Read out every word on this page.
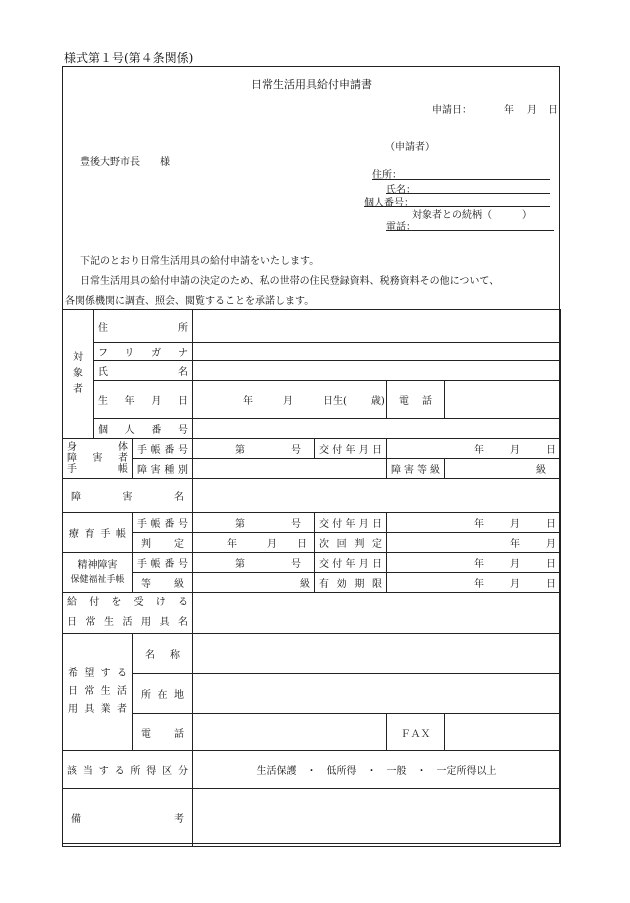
様式第１号(第４条関係)
日常生活用具給付申請書
申請日：	年 月 日
（申請者）
豊後大野市長　　様
住所：
氏名：
個人番号：
対象者との続柄（　　　）
電話：
下記のとおり日常生活用具の給付申請をいたします。
日常生活用具の給付申請の決定のため、私の世帯の住民登録資料、税務資料その他について、
各関係機関に調査、照会、閲覧することを承諾します。
対
象
者	住所					
	フリガナ					
	氏名					
	生年月日		年 月 日生( 歳)		電話	
	個人番号					
身　体
障害者
手　帳		手帳番号	第 号	交付年月日	年 月 日	
		障害種別			障害等級	級
障害名						
療育手帳		手帳番号	第 号	交付年月日	年 月 日	
		判定	年 月 日	次回判定	年 月	
精神障害
保健福祉手帳		手帳番号	第 号	交付年月日	年 月 日	
		等級	級	有効期限	年 月 日	

給付を受ける
日常生活用具名						

希望する
日常生活
用具業者		名称				
		所在地				
		電話			ＦＡＸ	
該当する所得区分			生活保護　・　低所得　・　一般　・　一定所得以上			
備考						
